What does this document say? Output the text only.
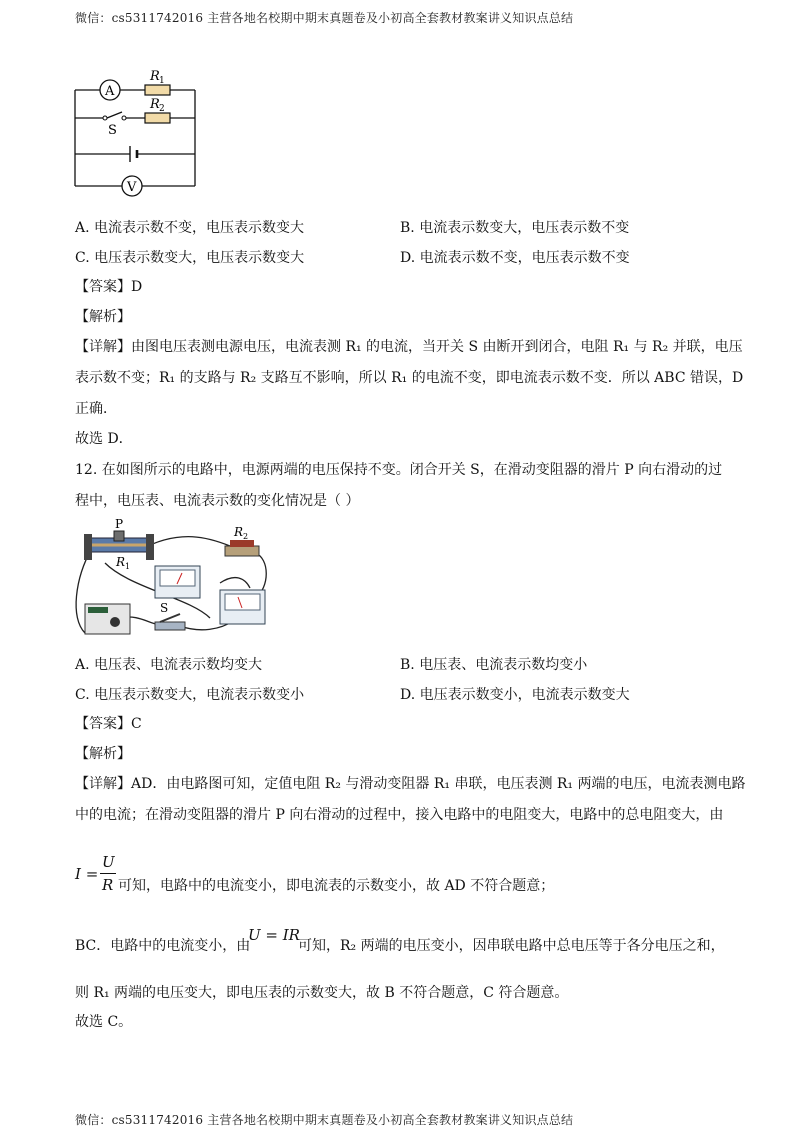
微信：cs5311742016 主营各地名校期中期末真题卷及小初高全套教材教案讲义知识点总结
A
R 1
S
R 2
V
A. 电流表示数不变，电压表示数变大	B. 电流表示数变大，电压表示数不变
C. 电压表示数变大，电压表示数变大	D. 电流表示数不变，电压表示数不变
【答案】D
【解析】
【详解】由图电压表测电源电压，电流表测 R₁ 的电流，当开关 S 由断开到闭合，电阻 R₁ 与 R₂ 并联，电压
表示数不变；R₁ 的支路与 R₂ 支路互不影响，所以 R₁ 的电流不变，即电流表示数不变．所以 ABC 错误，D
正确．
故选 D．
12. 在如图所示的电路中，电源两端的电压保持不变。闭合开关 S，在滑动变阻器的滑片 P 向右滑动的过
程中，电压表、电流表示数的变化情况是（ ）
P
R 1
R 2
S
A. 电压表、电流表示数均变大	B. 电压表、电流表示数均变小
C. 电压表示数变大，电流表示数变小	D. 电压表示数变小，电流表示数变大
【答案】C
【解析】
【详解】AD．由电路图可知，定值电阻 R₂ 与滑动变阻器 R₁ 串联，电压表测 R₁ 两端的电压，电流表测电路
中的电流；在滑动变阻器的滑片 P 向右滑动的过程中，接入电路中的电阻变大，电路中的总电阻变大，由
I =
U
R 可知，电路中的电流变小，即电流表的示数变小，故 AD 不符合题意；
BC．电路中的电流变小，由
U = IR
可知，R₂ 两端的电压变小，因串联电路中总电压等于各分电压之和，
则 R₁ 两端的电压变大，即电压表的示数变大，故 B 不符合题意，C 符合题意。
故选 C。
微信：cs5311742016 主营各地名校期中期末真题卷及小初高全套教材教案讲义知识点总结
